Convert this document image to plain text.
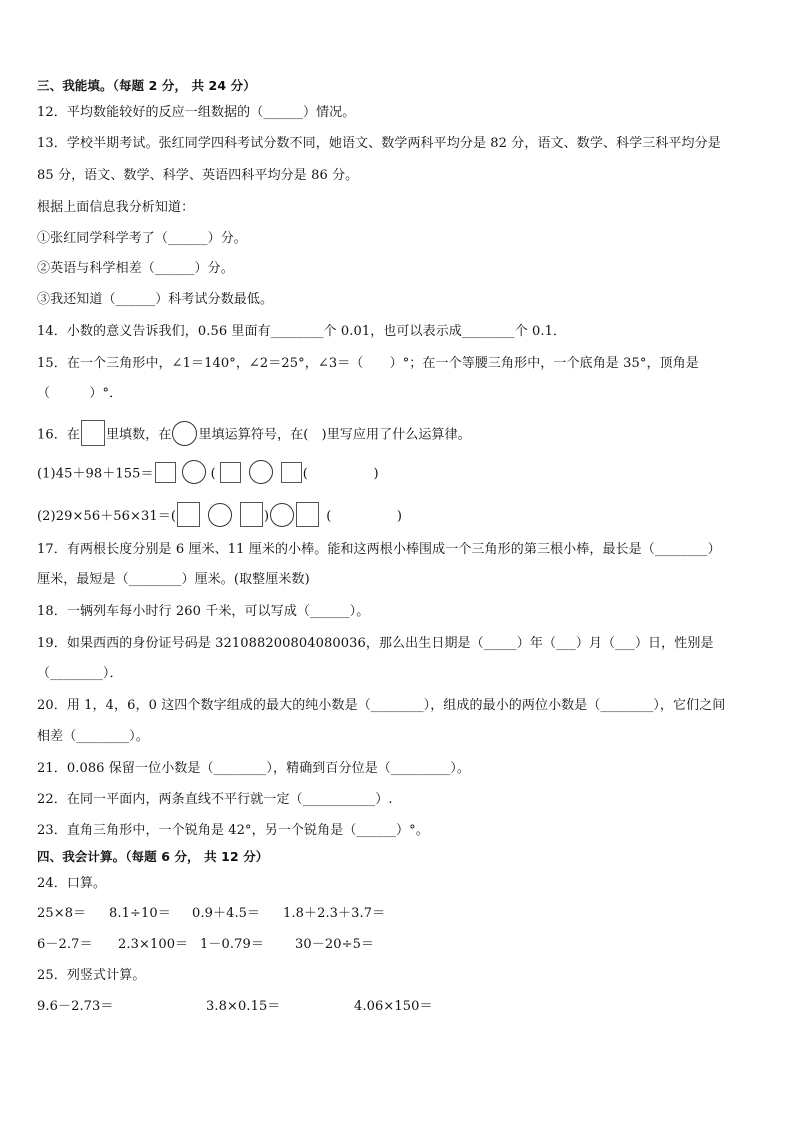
三、我能填。（每题 2 分， 共 24 分）
12．平均数能较好的反应一组数据的（______）情况。
13．学校半期考试。张红同学四科考试分数不同，她语文、数学两科平均分是 82 分，语文、数学、科学三科平均分是
85 分，语文、数学、科学、英语四科平均分是 86 分。
根据上面信息我分析知道：
①张红同学科学考了（______）分。
②英语与科学相差（______）分。
③我还知道（______）科考试分数最低。
14．小数的意义告诉我们，0.56 里面有________个 0.01，也可以表示成________个 0.1．
15．在一个三角形中，∠1＝140°，∠2＝25°，∠3＝（　　）°；在一个等腰三角形中，一个底角是 35°，顶角是
（　　　）°．
16．在 里填数，在 里填运算符号，在(　)里写应用了什么运算律。
(1)45＋98＋155＝	(	(　　　　　)
(2)29×56＋56×31＝(	)	(　　　　　)
17．有两根长度分别是 6 厘米、11 厘米的小棒。能和这两根小棒围成一个三角形的第三根小棒，最长是（________）
厘米，最短是（________）厘米。(取整厘米数)
18．一辆列车每小时行 260 千米，可以写成（______）。
19．如果西西的身份证号码是 321088200804080036，那么出生日期是（_____）年（___）月（___）日，性别是
（________）．
20．用 1，4，6，0 这四个数字组成的最大的纯小数是（________），组成的最小的两位小数是（________），它们之间
相差（________）。
21．0.086 保留一位小数是（________），精确到百分位是（_________）。
22．在同一平面内，两条直线不平行就一定（___________）.
23．直角三角形中，一个锐角是 42°，另一个锐角是（______）°。
四、我会计算。（每题 6 分， 共 12 分）
24．口算。
25×8＝ 8.1÷10＝ 0.9＋4.5＝ 1.8＋2.3＋3.7＝
6－2.7＝ 2.3×100＝ 1－0.79＝ 30－20÷5＝
25．列竖式计算。
9.6－2.73＝	3.8×0.15＝	4.06×150＝
